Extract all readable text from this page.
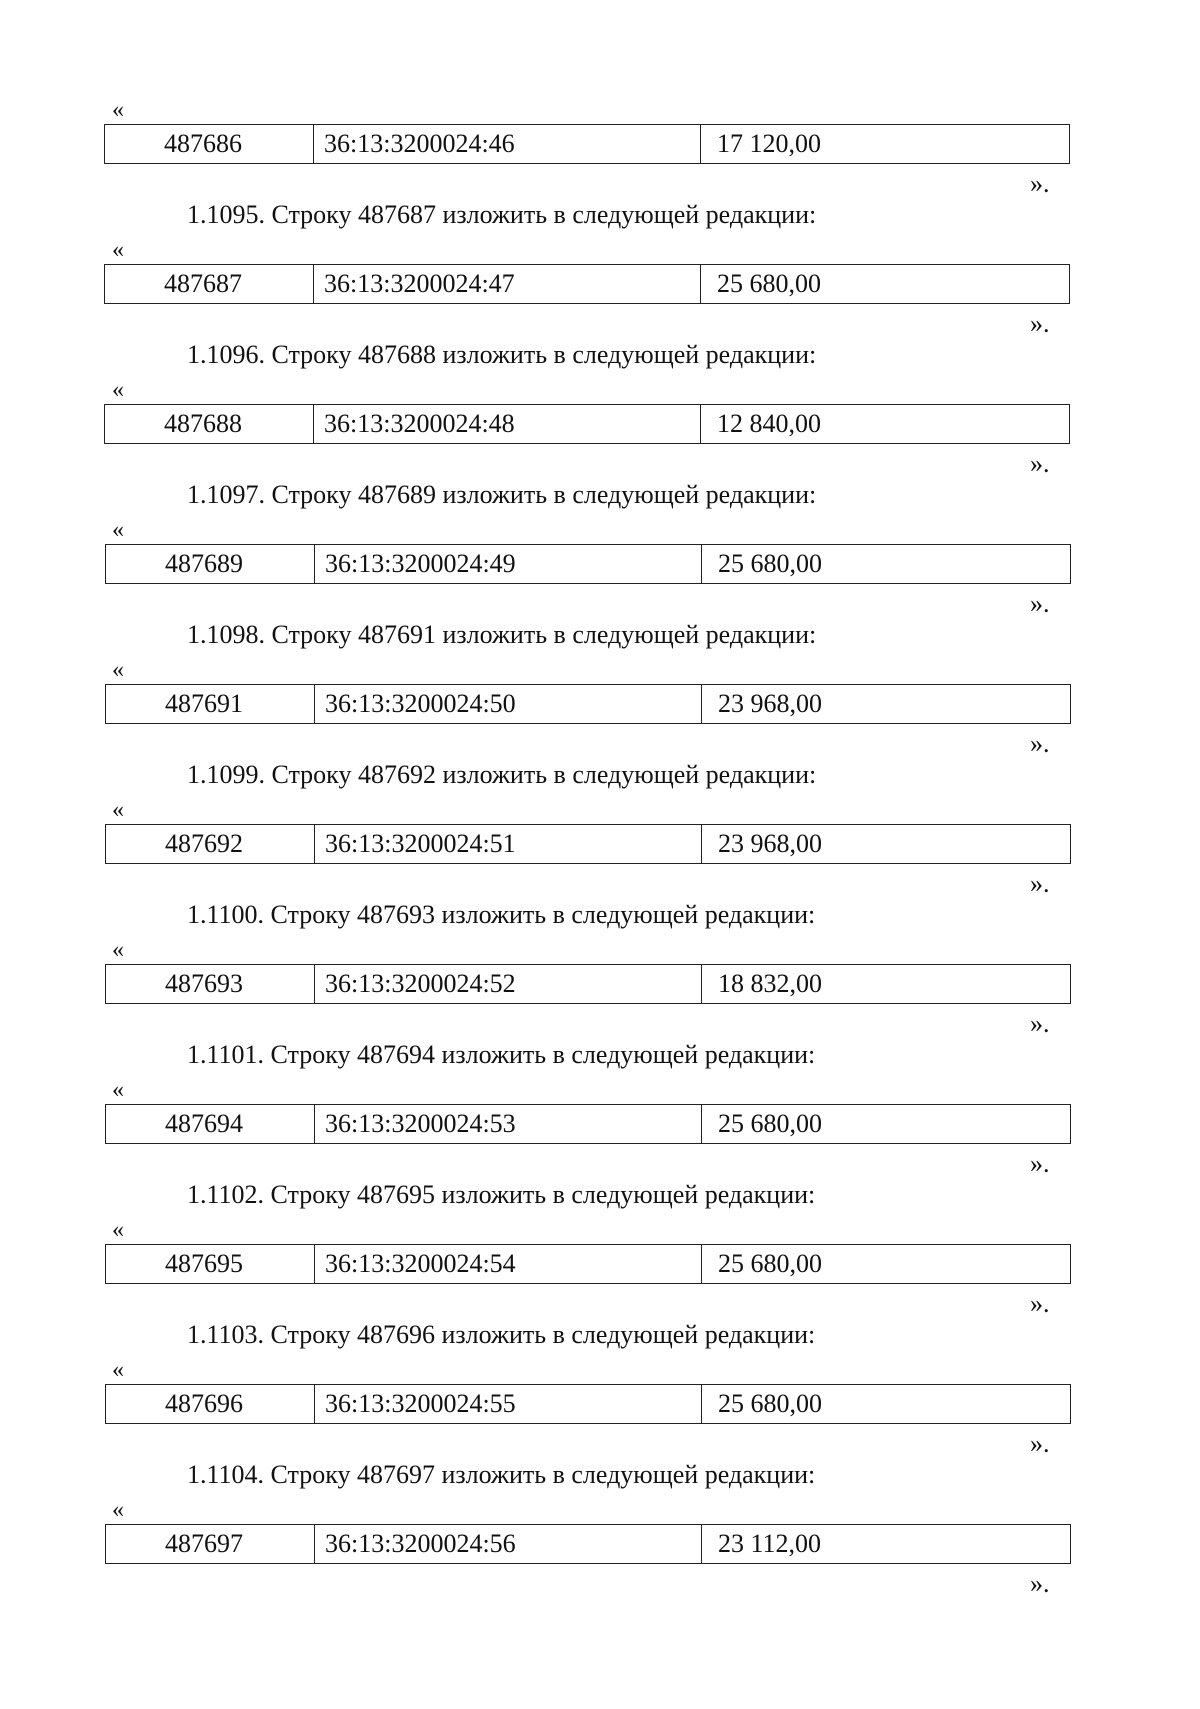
«
487686	36:13:3200024:46	17 120,00
».
1.1095. Строку 487687 изложить в следующей редакции:
«
487687	36:13:3200024:47	25 680,00
».
1.1096. Строку 487688 изложить в следующей редакции:
«
487688	36:13:3200024:48	12 840,00
».
1.1097. Строку 487689 изложить в следующей редакции:
«
487689	36:13:3200024:49	25 680,00
».
1.1098. Строку 487691 изложить в следующей редакции:
«
487691	36:13:3200024:50	23 968,00
».
1.1099. Строку 487692 изложить в следующей редакции:
«
487692	36:13:3200024:51	23 968,00
».
1.1100. Строку 487693 изложить в следующей редакции:
«
487693	36:13:3200024:52	18 832,00
».
1.1101. Строку 487694 изложить в следующей редакции:
«
487694	36:13:3200024:53	25 680,00
».
1.1102. Строку 487695 изложить в следующей редакции:
«
487695	36:13:3200024:54	25 680,00
».
1.1103. Строку 487696 изложить в следующей редакции:
«
487696	36:13:3200024:55	25 680,00
».
1.1104. Строку 487697 изложить в следующей редакции:
«
487697	36:13:3200024:56	23 112,00
».
